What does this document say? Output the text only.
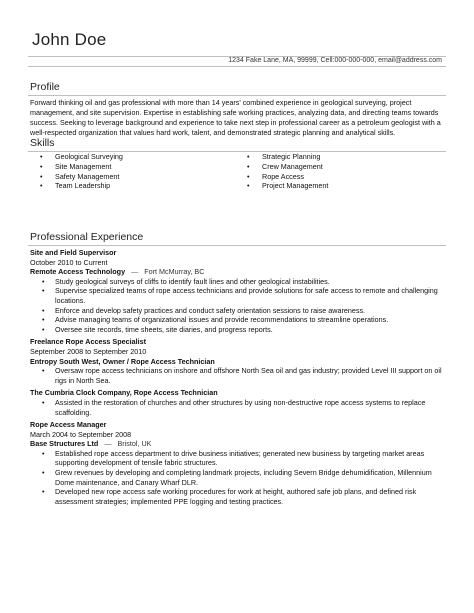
John Doe
1234 Fake Lane, MA, 99999, Cell:000-000-000, email@address.com
Profile
Forward thinking oil and gas professional with more than 14 years' combined experience in geological surveying, project management, and site supervision. Expertise in establishing safe working practices, analyzing data, and directing teams towards success. Seeking to leverage background and experience to take next step in professional career as a petroleum geologist with a well-respected organization that values hard work, talent, and demonstrated strategic planning and analytical skills.
Skills
• Geological Surveying
• Site Management
• Safety Management
• Team Leadership
• Strategic Planning
• Crew Management
• Rope Access
• Project Management
Professional Experience
Site and Field Supervisor
October 2010 to Current
Remote Access Technology — Fort McMurray, BC
• Study geological surveys of cliffs to identify fault lines and other geological instabilities.
• Supervise specialized teams of rope access technicians and provide solutions for safe access to remote and challenging locations.
• Enforce and develop safety practices and conduct safety orientation sessions to raise awareness.
• Advise managing teams of organizational issues and provide recommendations to streamline operations.
• Oversee site records, time sheets, site diaries, and progress reports.
Freelance Rope Access Specialist
September 2008 to September 2010
Entropy South West, Owner / Rope Access Technician
• Oversaw rope access technicians on inshore and offshore North Sea oil and gas industry; provided Level III support on oil rigs in North Sea.
The Cumbria Clock Company, Rope Access Technician
• Assisted in the restoration of churches and other structures by using non-destructive rope access systems to replace scaffolding.
Rope Access Manager
March 2004 to September 2008
Base Structures Ltd — Bristol, UK
• Established rope access department to drive business initiatives; generated new business by targeting market areas supporting development of tensile fabric structures.
• Grew revenues by developing and completing landmark projects, including Severn Bridge dehumidification, Millennium Dome maintenance, and Canary Wharf DLR.
• Developed new rope access safe working procedures for work at height, authored safe job plans, and defined risk assessment strategies; implemented PPE logging and testing practices.
